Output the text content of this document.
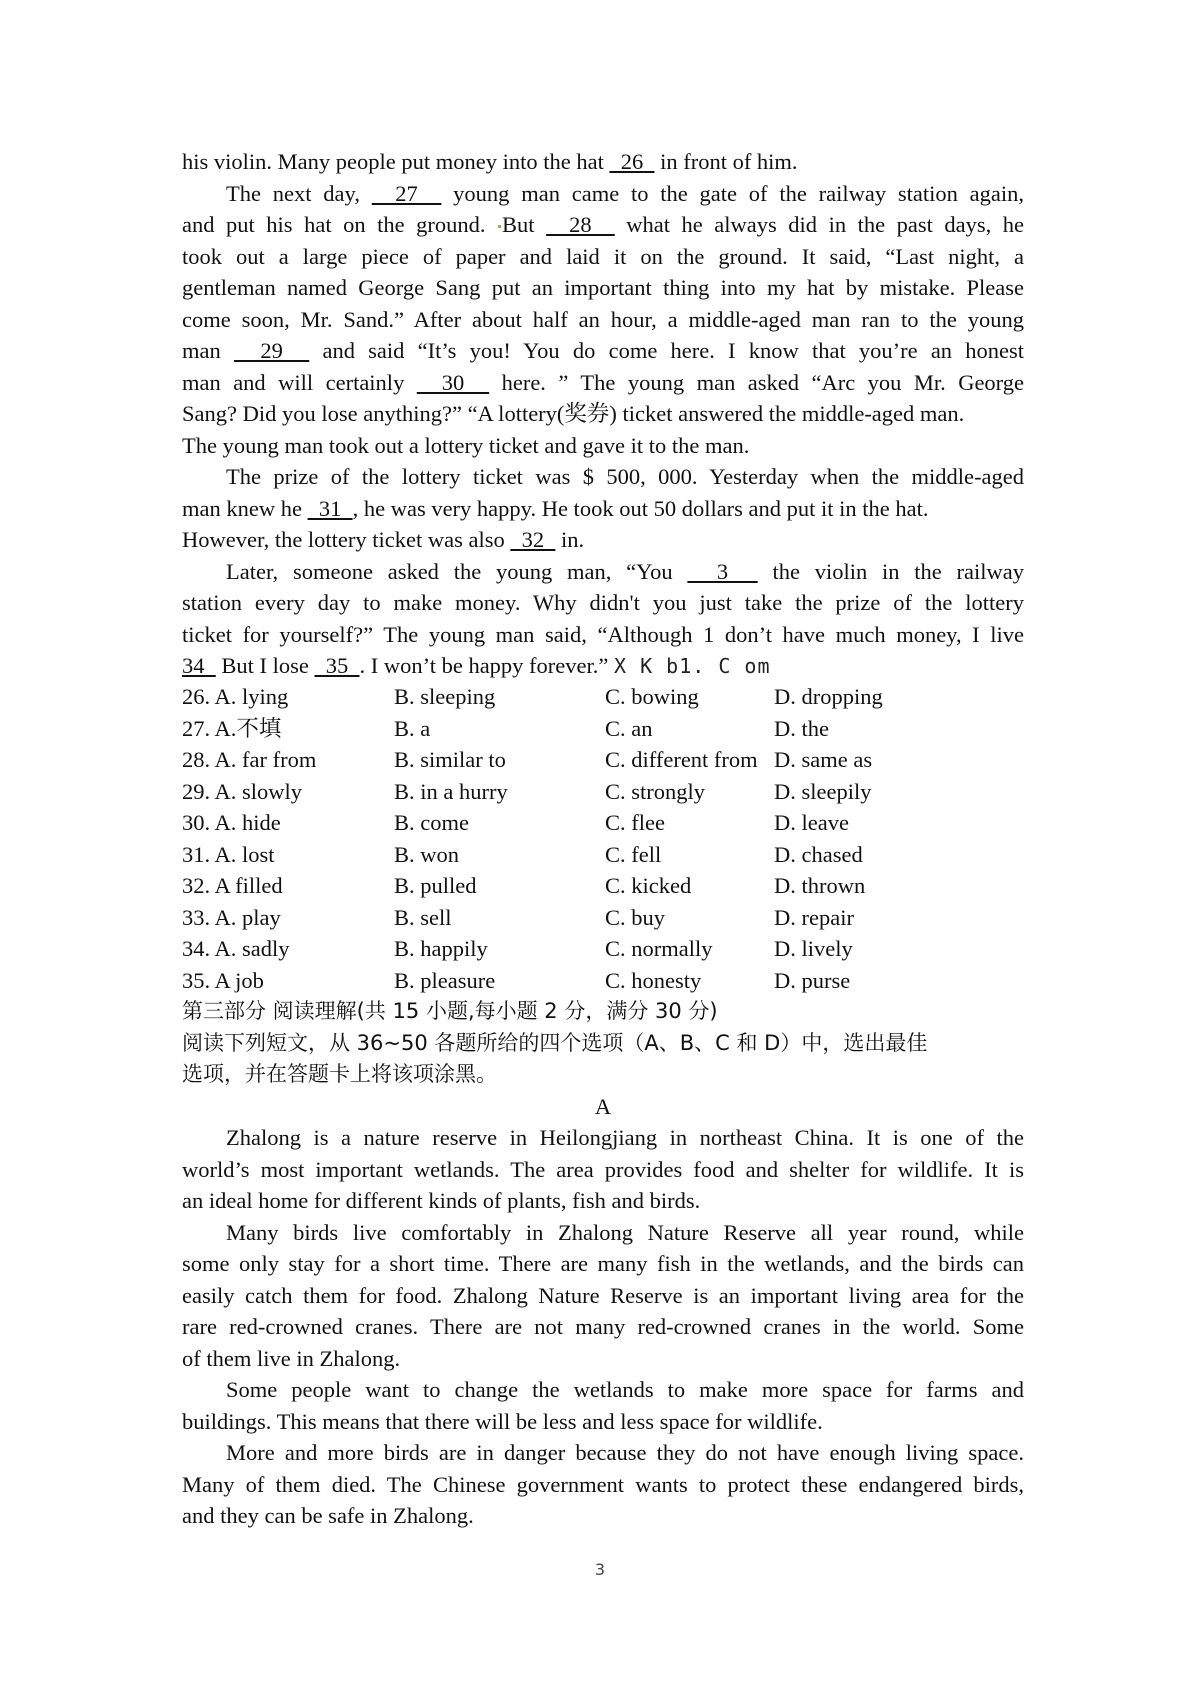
his violin. Many people put money into the hat   26   in front of him.
The next day,   27   young man came to the gate of the railway station again,
and put his hat on the ground. But   28   what he always did in the past days, he
took out a large piece of paper and laid it on the ground. It said, “Last night, a
gentleman named George Sang put an important thing into my hat by mistake. Please
come soon, Mr. Sand.” After about half an hour, a middle-aged man ran to the young
man   29   and said “It’s you! You do come here. I know that you’re an honest
man and will certainly   30   here. ” The young man asked “Arc you Mr. George
Sang? Did you lose anything?” “A lottery(奖券) ticket answered the middle-aged man.
The young man took out a lottery ticket and gave it to the man.
The prize of the lottery ticket was $ 500, 000. Yesterday when the middle-aged
man knew he   31  , he was very happy. He took out 50 dollars and put it in the hat.
However, the lottery ticket was also   32   in.
Later, someone asked the young man, “You   3   the violin in the railway
station every day to make money. Why didn't you just take the prize of the lottery
ticket for yourself?” The young man said, “Although 1 don’t have much money, I live
34   But I lose   35  . I won’t be happy forever.” X K b1. C om
26. A. lying	B. sleeping	C. bowing	D. dropping
27. A.不填	B. a	C. an	D. the
28. A. far from	B. similar to	C. different from D. same as
29. A. slowly	B. in a hurry	C. strongly	D. sleepily
30. A. hide	B. come	C. flee	D. leave
31. A. lost	B. won	C. fell	D. chased
32. A filled	B. pulled	C. kicked	D. thrown
33. A. play	B. sell	C. buy	D. repair
34. A. sadly	B. happily	C. normally	D. lively
35. A job	B. pleasure	C. honesty	D. purse
第三部分 阅读理解(共 15 小题,每小题 2 分，满分 30 分)
阅读下列短文，从 36~50 各题所给的四个选项（A、B、C 和 D）中，选出最佳
选项，并在答题卡上将该项涂黑。
A
Zhalong is a nature reserve in Heilongjiang in northeast China. It is one of the
world’s most important wetlands. The area provides food and shelter for wildlife. It is
an ideal home for different kinds of plants, fish and birds.
Many birds live comfortably in Zhalong Nature Reserve all year round, while
some only stay for a short time. There are many fish in the wetlands, and the birds can
easily catch them for food. Zhalong Nature Reserve is an important living area for the
rare red-crowned cranes. There are not many red-crowned cranes in the world. Some
of them live in Zhalong.
Some people want to change the wetlands to make more space for farms and
buildings. This means that there will be less and less space for wildlife.
More and more birds are in danger because they do not have enough living space.
Many of them died. The Chinese government wants to protect these endangered birds,
and they can be safe in Zhalong.
3
